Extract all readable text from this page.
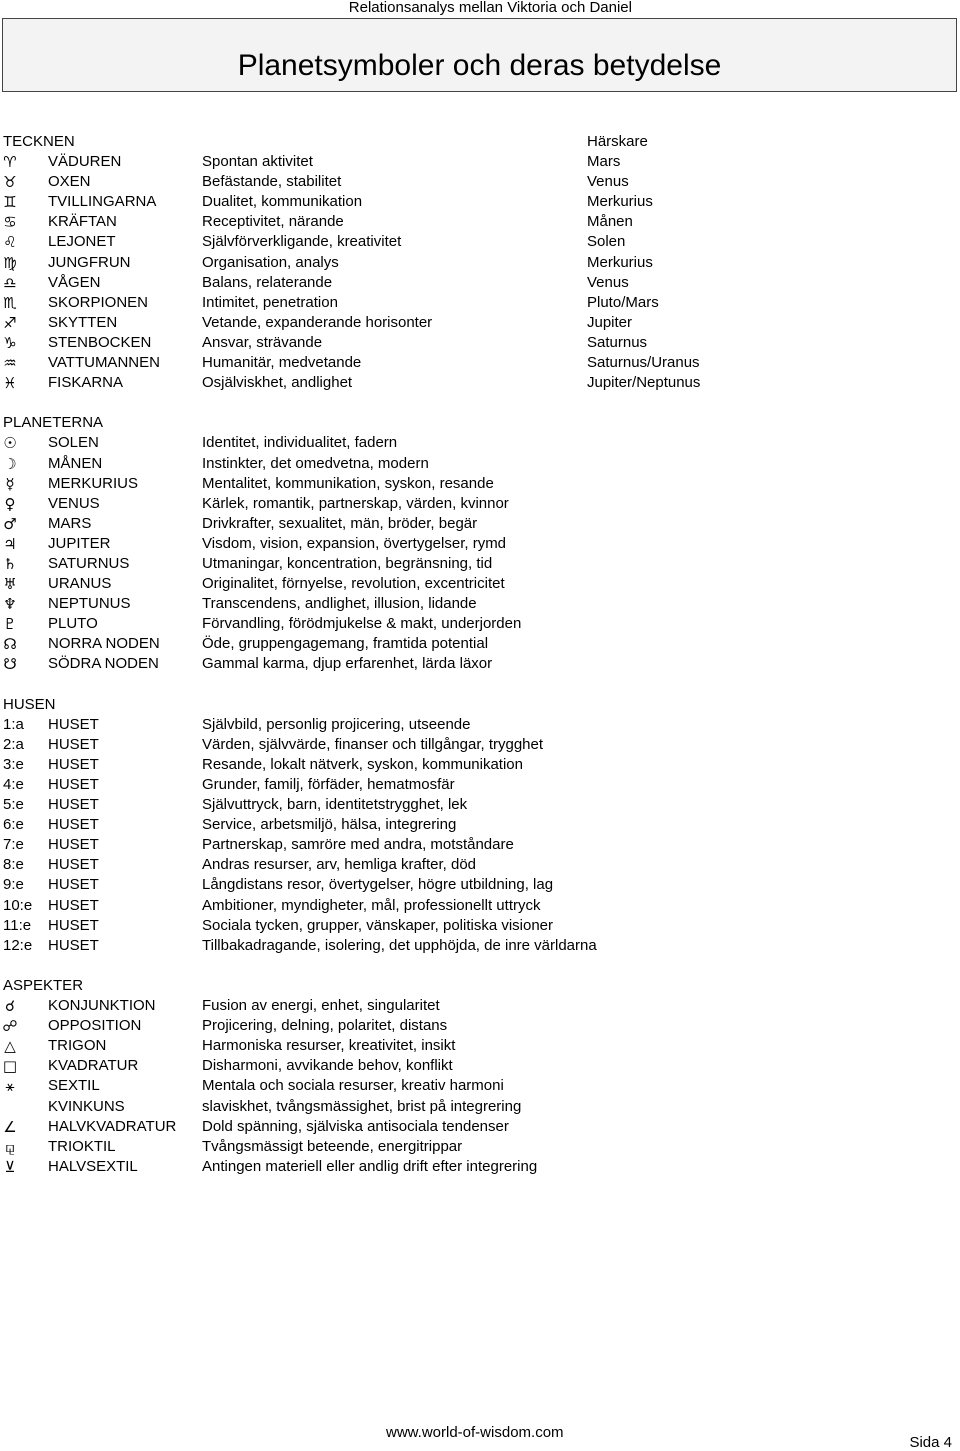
Relationsanalys mellan Viktoria och Daniel
Planetsymboler och deras betydelse
TECKNEN	Härskare
♈ VÄDUREN	Spontan aktivitet	Mars
♉ OXEN	Befästande, stabilitet	Venus
♊ TVILLINGARNA	Dualitet, kommunikation	Merkurius
♋ KRÄFTAN	Receptivitet, närande	Månen
♌ LEJONET	Självförverkligande, kreativitet	Solen
♍ JUNGFRUN	Organisation, analys	Merkurius
♎ VÅGEN	Balans, relaterande	Venus
♏ SKORPIONEN	Intimitet, penetration	Pluto/Mars
♐ SKYTTEN	Vetande, expanderande horisonter	Jupiter
♑ STENBOCKEN	Ansvar, strävande	Saturnus
♒ VATTUMANNEN	Humanitär, medvetande	Saturnus/Uranus
♓ FISKARNA	Osjälviskhet, andlighet	Jupiter/Neptunus
PLANETERNA
☉ SOLEN	Identitet, individualitet, fadern
☽ MÅNEN	Instinkter, det omedvetna, modern
☿	MERKURIUS	Mentalitet, kommunikation, syskon, resande
♀	VENUS	Kärlek, romantik, partnerskap, värden, kvinnor
♂ MARS	Drivkrafter, sexualitet, män, bröder, begär
♃ JUPITER	Visdom, vision, expansion, övertygelser, rymd
♄ SATURNUS	Utmaningar, koncentration, begränsning, tid
♅ URANUS	Originalitet, förnyelse, revolution, excentricitet
♆ NEPTUNUS	Transcendens, andlighet, illusion, lidande
♇ PLUTO	Förvandling, förödmjukelse & makt, underjorden
☊ NORRA NODEN	Öde, gruppengagemang, framtida potential
☋ SÖDRA NODEN	Gammal karma, djup erfarenhet, lärda läxor
HUSEN
1:a HUSET	Självbild, personlig projicering, utseende
2:a HUSET	Värden, självvärde, finanser och tillgångar, trygghet
3:e HUSET	Resande, lokalt nätverk, syskon, kommunikation
4:e HUSET	Grunder, familj, förfäder, hematmosfär
5:e HUSET	Självuttryck, barn, identitetstrygghet, lek
6:e HUSET	Service, arbetsmiljö, hälsa, integrering
7:e HUSET	Partnerskap, samröre med andra, motståndare
8:e HUSET	Andras resurser, arv, hemliga krafter, död
9:e HUSET	Långdistans resor, övertygelser, högre utbildning, lag
10:e HUSET	Ambitioner, myndigheter, mål, professionellt uttryck
11:e HUSET	Sociala tycken, grupper, vänskaper, politiska visioner
12:e HUSET	Tillbakadragande, isolering, det upphöjda, de inre världarna
ASPEKTER
☌	KONJUNKTION	Fusion av energi, enhet, singularitet
☍ OPPOSITION	Projicering, delning, polaritet, distans
△ TRIGON	Harmoniska resurser, kreativitet, insikt
□ KVADRATUR	Disharmoni, avvikande behov, konflikt
⚹	SEXTIL	Mentala och sociala resurser, kreativ harmoni
KVINKUNS	slaviskhet, tvångsmässighet, brist på integrering
∠ HALVKVADRATUR Dold spänning, själviska antisociala tendenser
⚼	TRIOKTIL	Tvångsmässigt beteende, energitrippar
⊻	HALVSEXTIL	Antingen materiell eller andlig drift efter integrering
www.world-of-wisdom.com
Sida 4
